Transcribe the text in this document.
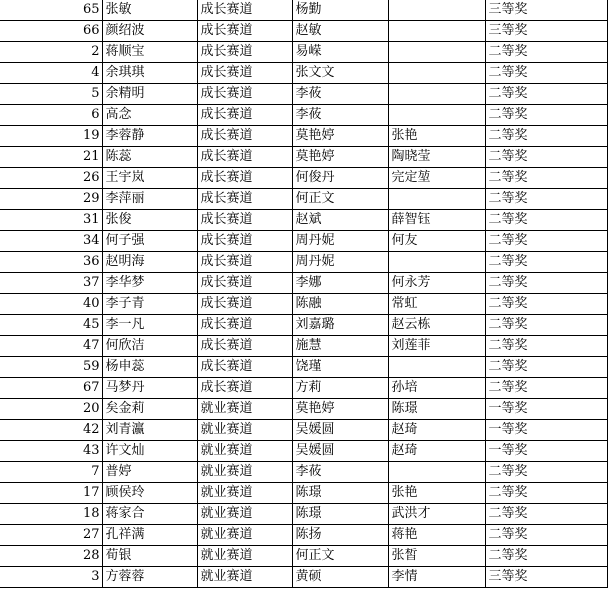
65	张敏	成长赛道	杨勤		三等奖
66	颜绍波	成长赛道	赵敏		三等奖
2	蒋顺宝	成长赛道	易嵘		二等奖
4	余琪琪	成长赛道	张文文		二等奖
5	余精明	成长赛道	李莜		二等奖
6	高念	成长赛道	李莜		二等奖
19	李蓉静	成长赛道	莫艳婷	张艳	二等奖
21	陈蕊	成长赛道	莫艳婷	陶晓莹	二等奖
26	王宇岚	成长赛道	何俊丹	完定堃	二等奖
29	李萍丽	成长赛道	何正文		二等奖
31	张俊	成长赛道	赵斌	薛智钰	二等奖
34	何子强	成长赛道	周丹妮	何友	二等奖
36	赵明海	成长赛道	周丹妮		二等奖
37	李华梦	成长赛道	李娜	何永芳	二等奖
40	李子青	成长赛道	陈融	常虹	二等奖
45	李一凡	成长赛道	刘嘉璐	赵云栋	二等奖
47	何欣洁	成长赛道	施慧	刘莲菲	二等奖
59	杨申蕊	成长赛道	饶瑾		二等奖
67	马梦丹	成长赛道	方莉	孙培	二等奖
20	矣金莉	就业赛道	莫艳婷	陈璟	一等奖
42	刘青瀛	就业赛道	吴媛圆	赵琦	一等奖
43	许文灿	就业赛道	吴媛圆	赵琦	一等奖
7	普婷	就业赛道	李莜		二等奖
17	顾侯玲	就业赛道	陈璟	张艳	二等奖
18	蒋家合	就业赛道	陈璟	武洪才	二等奖
27	孔祥满	就业赛道	陈扬	蒋艳	二等奖
28	荀银	就业赛道	何正文	张皙	二等奖
3	方蓉蓉	就业赛道	黄硕	李情	三等奖
